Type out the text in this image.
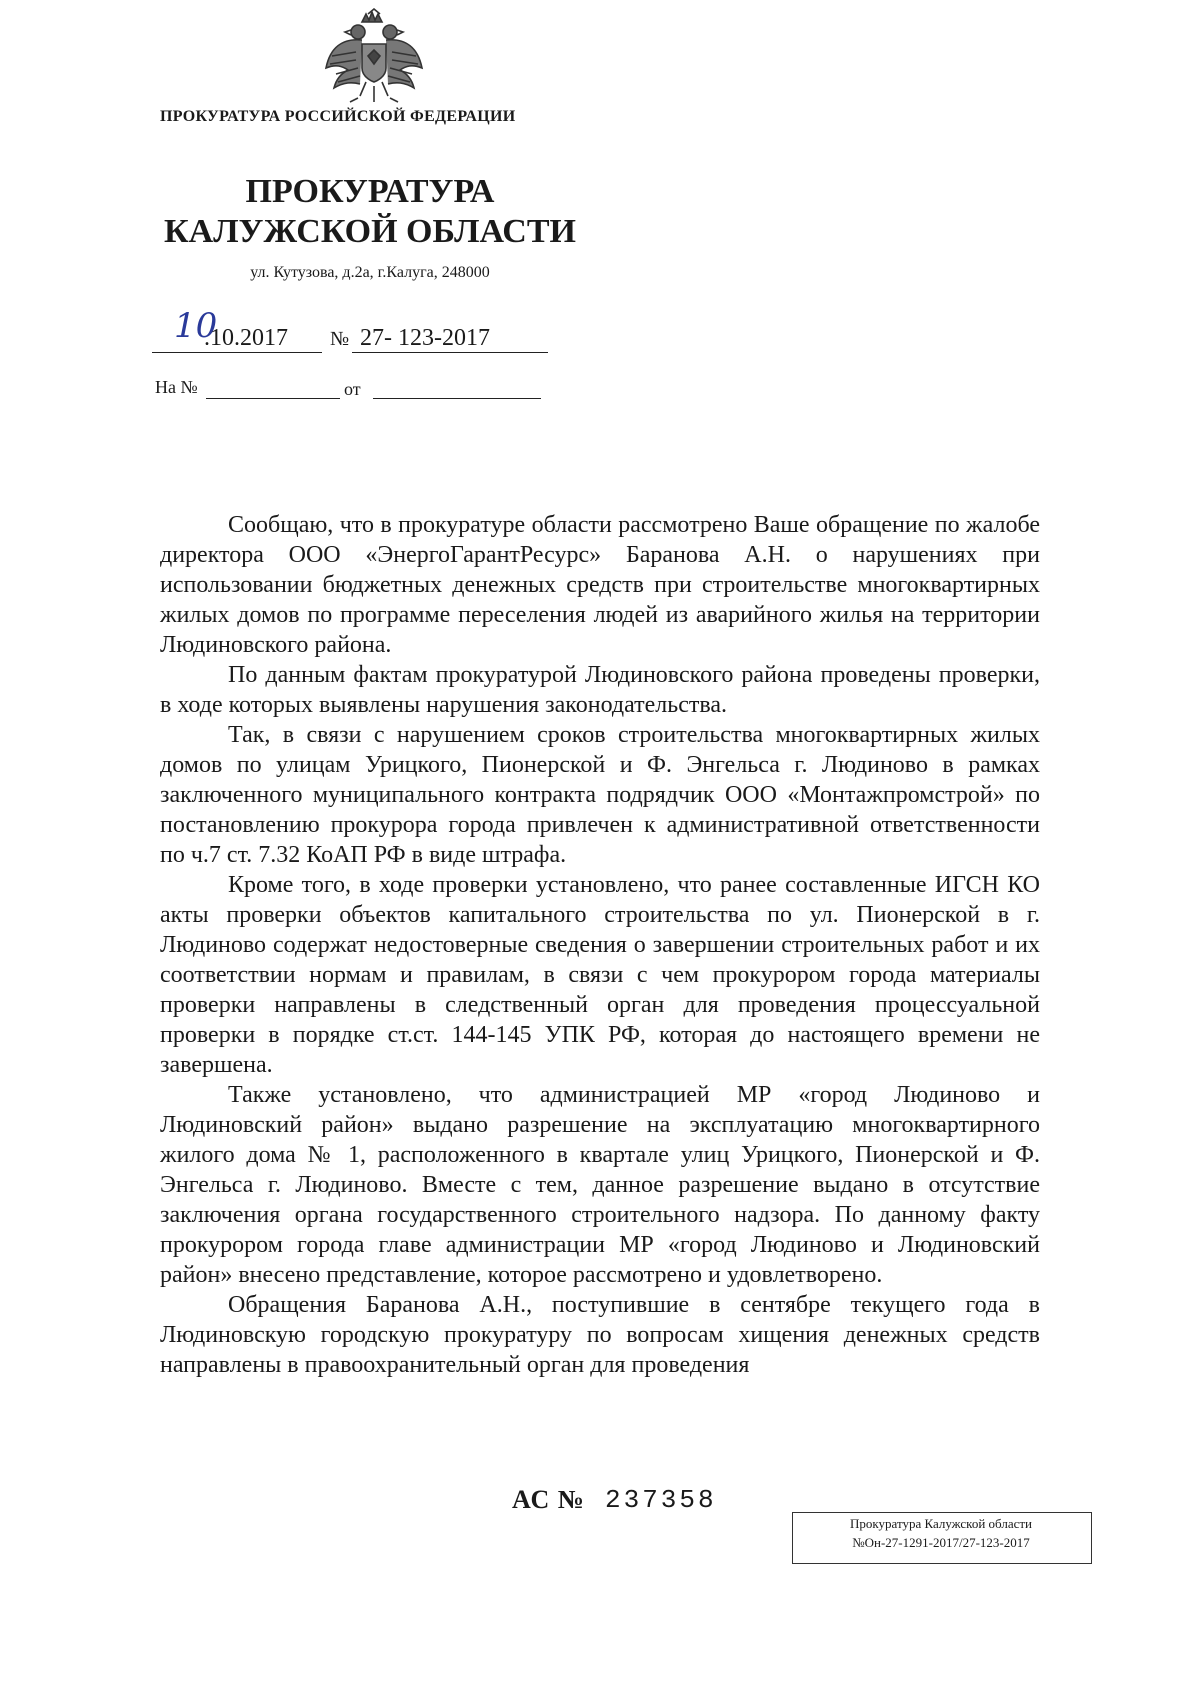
ПРОКУРАТУРА РОССИЙСКОЙ ФЕДЕРАЦИИ
ПРОКУРАТУРА
КАЛУЖСКОЙ ОБЛАСТИ
ул. Кутузова, д.2а, г.Калуга, 248000
10
.10.2017 № 27- 123-2017
На №	от

Сообщаю, что в прокуратуре области рассмотрено Ваше обращение по жалобе директора ООО «ЭнергоГарантРесурс» Баранова А.Н. о нарушениях при использовании бюджетных денежных средств при строительстве многоквартирных жилых домов по программе переселения людей из аварийного жилья на территории Людиновского района.

По данным фактам прокуратурой Людиновского района проведены проверки, в ходе которых выявлены нарушения законодательства.

Так, в связи с нарушением сроков строительства многоквартирных жилых домов по улицам Урицкого, Пионерской и Ф. Энгельса г. Людиново в рамках заключенного муниципального контракта подрядчик ООО «Монтажпромстрой» по постановлению прокурора города привлечен к административной ответственности по ч.7 ст. 7.32 КоАП РФ в виде штрафа.

Кроме того, в ходе проверки установлено, что ранее составленные ИГСН КО акты проверки объектов капитального строительства по ул. Пионерской в г. Людиново содержат недостоверные сведения о завершении строительных работ и их соответствии нормам и правилам, в связи с чем прокурором города материалы проверки направлены в следственный орган для проведения процессуальной проверки в порядке ст.ст. 144-145 УПК РФ, которая до настоящего времени не завершена.

Также установлено, что администрацией МР «город Людиново и Людиновский район» выдано разрешение на эксплуатацию многоквартирного жилого дома № 1, расположенного в квартале улиц Урицкого, Пионерской и Ф. Энгельса г. Людиново. Вместе с тем, данное разрешение выдано в отсутствие заключения органа государственного строительного надзора. По данному факту прокурором города главе администрации МР «город Людиново и Людиновский район» внесено представление, которое рассмотрено и удовлетворено.

Обращения Баранова А.Н., поступившие в сентябре текущего года в Людиновскую городскую прокуратуру по вопросам хищения денежных средств направлены в правоохранительный орган для проведения

АС № 237358
Прокуратура Калужской области
№Он-27-1291-2017/27-123-2017
